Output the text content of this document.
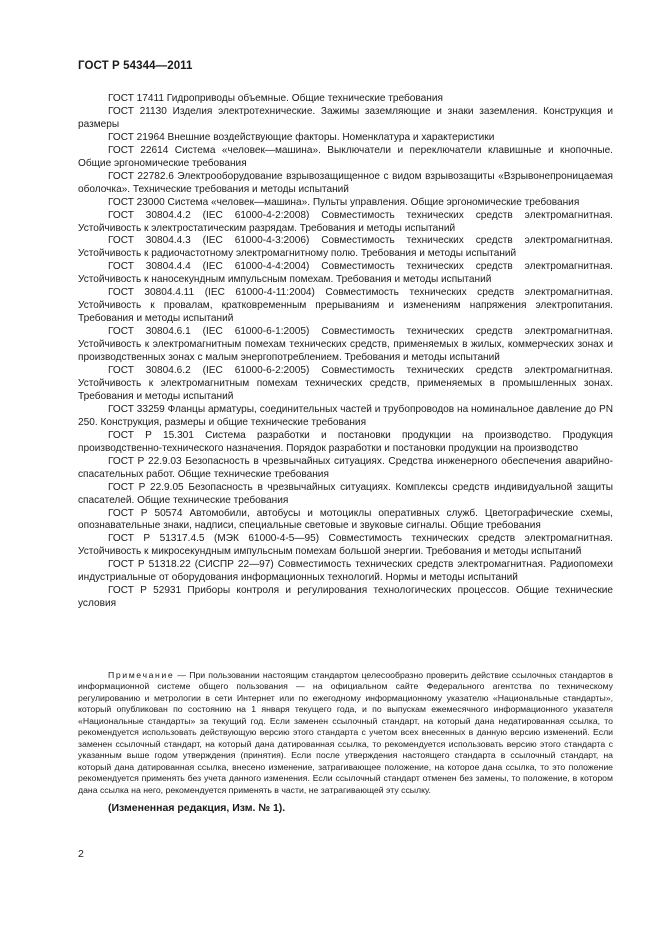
ГОСТ Р 54344—2011

ГОСТ 17411 Гидроприводы объемные. Общие технические требования

ГОСТ 21130 Изделия электротехнические. Зажимы заземляющие и знаки заземления. Конструкция и размеры

ГОСТ 21964 Внешние воздействующие факторы. Номенклатура и характеристики

ГОСТ 22614 Система «человек—машина». Выключатели и переключатели клавишные и кнопочные. Общие эргономические требования

ГОСТ 22782.6 Электрооборудование взрывозащищенное с видом взрывозащиты «Взрывонепроницаемая оболочка». Технические требования и методы испытаний

ГОСТ 23000 Система «человек—машина». Пульты управления. Общие эргономические требования

ГОСТ 30804.4.2 (IEC 61000-4-2:2008) Совместимость технических средств электромагнитная. Устойчивость к электростатическим разрядам. Требования и методы испытаний

ГОСТ 30804.4.3 (IEC 61000-4-3:2006) Совместимость технических средств электромагнитная. Устойчивость к радиочастотному электромагнитному полю. Требования и методы испытаний

ГОСТ 30804.4.4 (IEC 61000-4-4:2004) Совместимость технических средств электромагнитная. Устойчивость к наносекундным импульсным помехам. Требования и методы испытаний

ГОСТ 30804.4.11 (IEC 61000-4-11:2004) Совместимость технических средств электромагнитная. Устойчивость к провалам, кратковременным прерываниям и изменениям напряжения электропитания. Требования и методы испытаний

ГОСТ 30804.6.1 (IEC 61000-6-1:2005) Совместимость технических средств электромагнитная. Устойчивость к электромагнитным помехам технических средств, применяемых в жилых, коммерческих зонах и производственных зонах с малым энергопотреблением. Требования и методы испытаний

ГОСТ 30804.6.2 (IEC 61000-6-2:2005) Совместимость технических средств электромагнитная. Устойчивость к электромагнитным помехам технических средств, применяемых в промышленных зонах. Требования и методы испытаний

ГОСТ 33259 Фланцы арматуры, соединительных частей и трубопроводов на номинальное давление до PN 250. Конструкция, размеры и общие технические требования

ГОСТ Р 15.301 Система разработки и постановки продукции на производство. Продукция производственно-технического назначения. Порядок разработки и постановки продукции на производство

ГОСТ Р 22.9.03 Безопасность в чрезвычайных ситуациях. Средства инженерного обеспечения аварийно-спасательных работ. Общие технические требования

ГОСТ Р 22.9.05 Безопасность в чрезвычайных ситуациях. Комплексы средств индивидуальной защиты спасателей. Общие технические требования

ГОСТ Р 50574 Автомобили, автобусы и мотоциклы оперативных служб. Цветографические схемы, опознавательные знаки, надписи, специальные световые и звуковые сигналы. Общие требования

ГОСТ Р 51317.4.5 (МЭК 61000-4-5—95) Совместимость технических средств электромагнитная. Устойчивость к микросекундным импульсным помехам большой энергии. Требования и методы испытаний

ГОСТ Р 51318.22 (СИСПР 22—97) Совместимость технических средств электромагнитная. Радиопомехи индустриальные от оборудования информационных технологий. Нормы и методы испытаний

ГОСТ Р 52931 Приборы контроля и регулирования технологических процессов. Общие технические условия

Примечание — При пользовании настоящим стандартом целесообразно проверить действие ссылочных стандартов в информационной системе общего пользования — на официальном сайте Федерального агентства по техническому регулированию и метрологии в сети Интернет или по ежегодному информационному указателю «Национальные стандарты», который опубликован по состоянию на 1 января текущего года, и по выпускам ежемесячного информационного указателя «Национальные стандарты» за текущий год. Если заменен ссылочный стандарт, на который дана недатированная ссылка, то рекомендуется использовать действующую версию этого стандарта с учетом всех внесенных в данную версию изменений. Если заменен ссылочный стандарт, на который дана датированная ссылка, то рекомендуется использовать версию этого стандарта с указанным выше годом утверждения (принятия). Если после утверждения настоящего стандарта в ссылочный стандарт, на который дана датированная ссылка, внесено изменение, затрагивающее положение, на которое дана ссылка, то это положение рекомендуется применять без учета данного изменения. Если ссылочный стандарт отменен без замены, то положение, в котором дана ссылка на него, рекомендуется применять в части, не затрагивающей эту ссылку.

(Измененная редакция, Изм. № 1).
2
